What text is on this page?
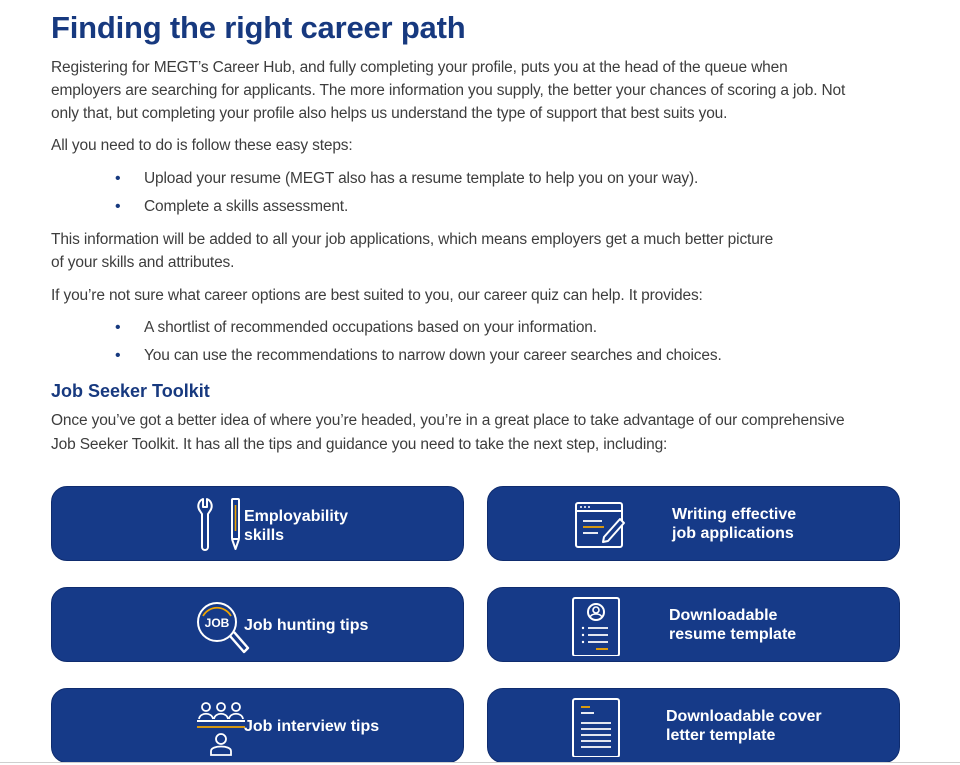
Finding the right career path
Registering for MEGT’s Career Hub, and fully completing your profile, puts you at the head of the queue when employers are searching for applicants. The more information you supply, the better your chances of scoring a job. Not only that, but completing your profile also helps us understand the type of support that best suits you.
All you need to do is follow these easy steps:
• Upload your resume (MEGT also has a resume template to help you on your way).
• Complete a skills assessment.
This information will be added to all your job applications, which means employers get a much better picture
of your skills and attributes.
If you’re not sure what career options are best suited to you, our career quiz can help. It provides:
• A shortlist of recommended occupations based on your information.
• You can use the recommendations to narrow down your career searches and choices.
Job Seeker Toolkit
Once you’ve got a better idea of where you’re headed, you’re in a great place to take advantage of our comprehensive
Job Seeker Toolkit. It has all the tips and guidance you need to take the next step, including:
Employability
skills
Writing effective
job applications
JOB Job hunting tips
Downloadable
resume template
Job interview tips
Downloadable cover
letter template
